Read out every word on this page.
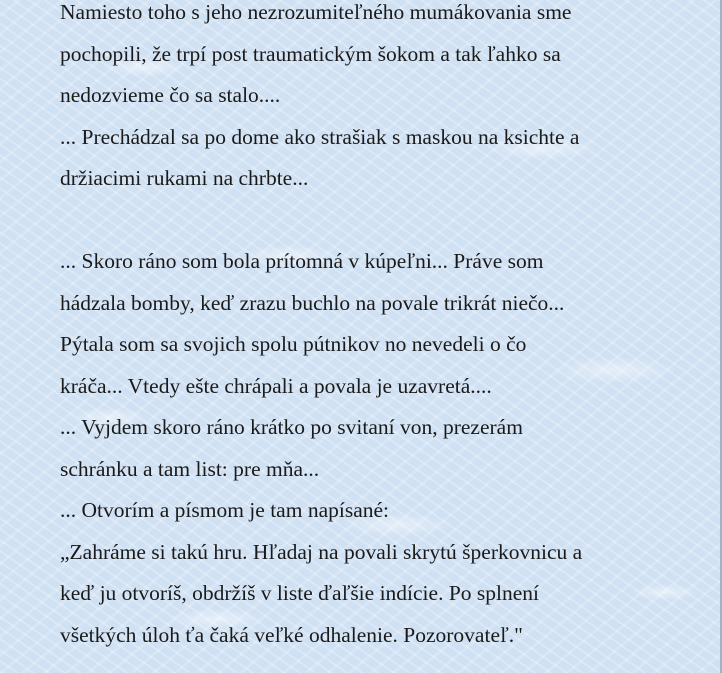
Namiesto toho s jeho nezrozumiteľného mumákovania sme
pochopili, že trpí post traumatickým šokom a tak ľahko sa
nedozvieme čo sa stalo....
... Prechádzal sa po dome ako strašiak s maskou na ksichte a
držiacimi rukami na chrbte...
... Skoro ráno som bola prítomná v kúpeľni... Práve som
hádzala bomby, keď zrazu buchlo na povale trikrát niečo...
Pýtala som sa svojich spolu pútnikov no nevedeli o čo
kráča... Vtedy ešte chrápali a povala je uzavretá....
... Vyjdem skoro ráno krátko po svitaní von, prezerám
schránku a tam list: pre mňa...
... Otvorím a písmom je tam napísané:
„Zahráme si takú hru. Hľadaj na povali skrytú šperkovnicu a
keď ju otvoríš, obdržíš v liste ďaľšie indície. Po splnení
všetkých úloh ťa čaká veľké odhalenie. Pozorovateľ."
